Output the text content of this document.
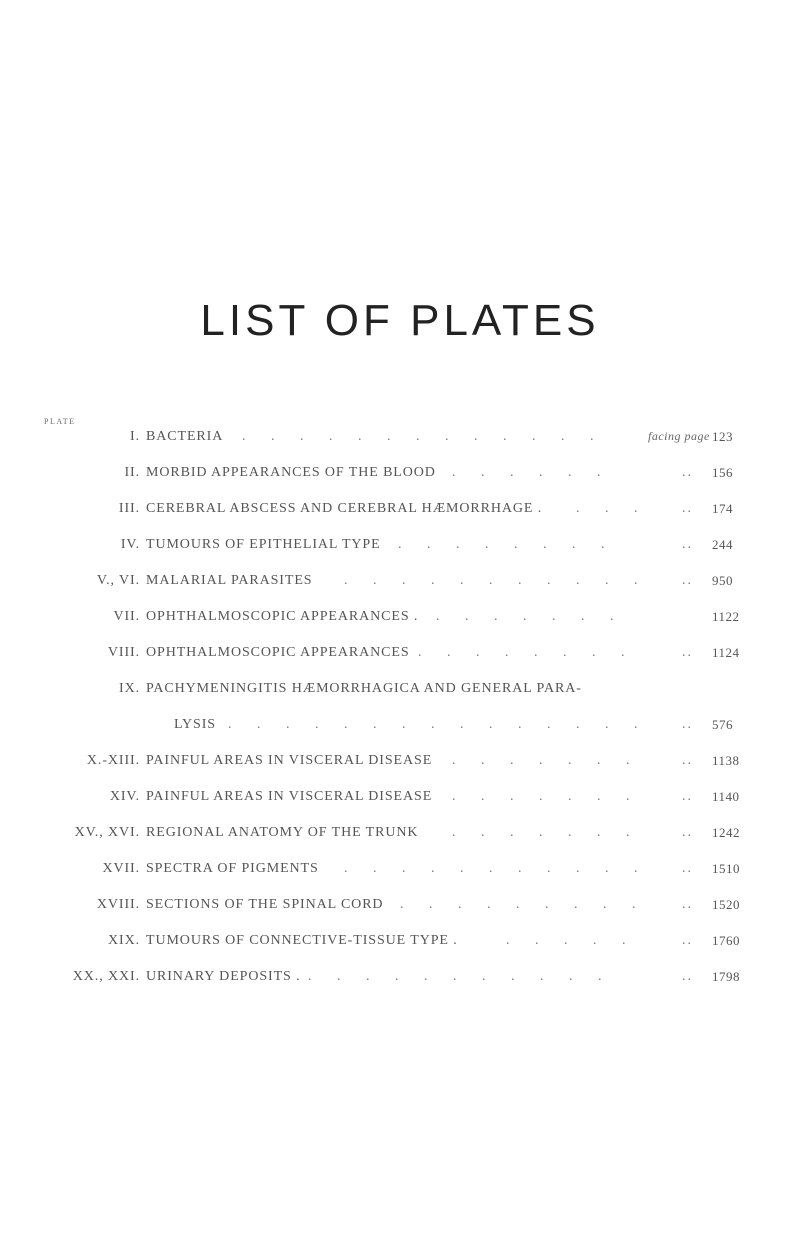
LIST OF PLATES
PLATE
I. BACTERIA . . . . . . . . . . . . .	facing page 123
II. MORBID APPEARANCES OF THE BLOOD . . . . . .	.. 156
III. CEREBRAL ABSCESS AND CEREBRAL HÆMORRHAGE . . . . .. 174
IV. TUMOURS OF EPITHELIAL TYPE . . . . . . . .	.. 244
V., VI. MALARIAL PARASITES . . . . . . . . . . . .. 950
VII. OPHTHALMOSCOPIC APPEARANCES . . . . . . . .	1122
VIII. OPHTHALMOSCOPIC APPEARANCES . . . . . . . .	.. 1124
IX. PACHYMENINGITIS HÆMORRHAGICA AND GENERAL PARA-
LYSIS . . . . . . . . . . . . . . . .. 576
X.-XIII. PAINFUL AREAS IN VISCERAL DISEASE . . . . . . .	.. 1138
XIV. PAINFUL AREAS IN VISCERAL DISEASE . . . . . . .	.. 1140
XV., XVI. REGIONAL ANATOMY OF THE TRUNK . . . . . . .	.. 1242
XVII. SPECTRA OF PIGMENTS . . . . . . . . . . . .. 1510
XVIII. SECTIONS OF THE SPINAL CORD . . . . . . . . .	.. 1520
XIX. TUMOURS OF CONNECTIVE-TISSUE TYPE .	. . . . .	.. 1760
XX., XXI. URINARY DEPOSITS . . . . . . . . . . . .	.. 1798
